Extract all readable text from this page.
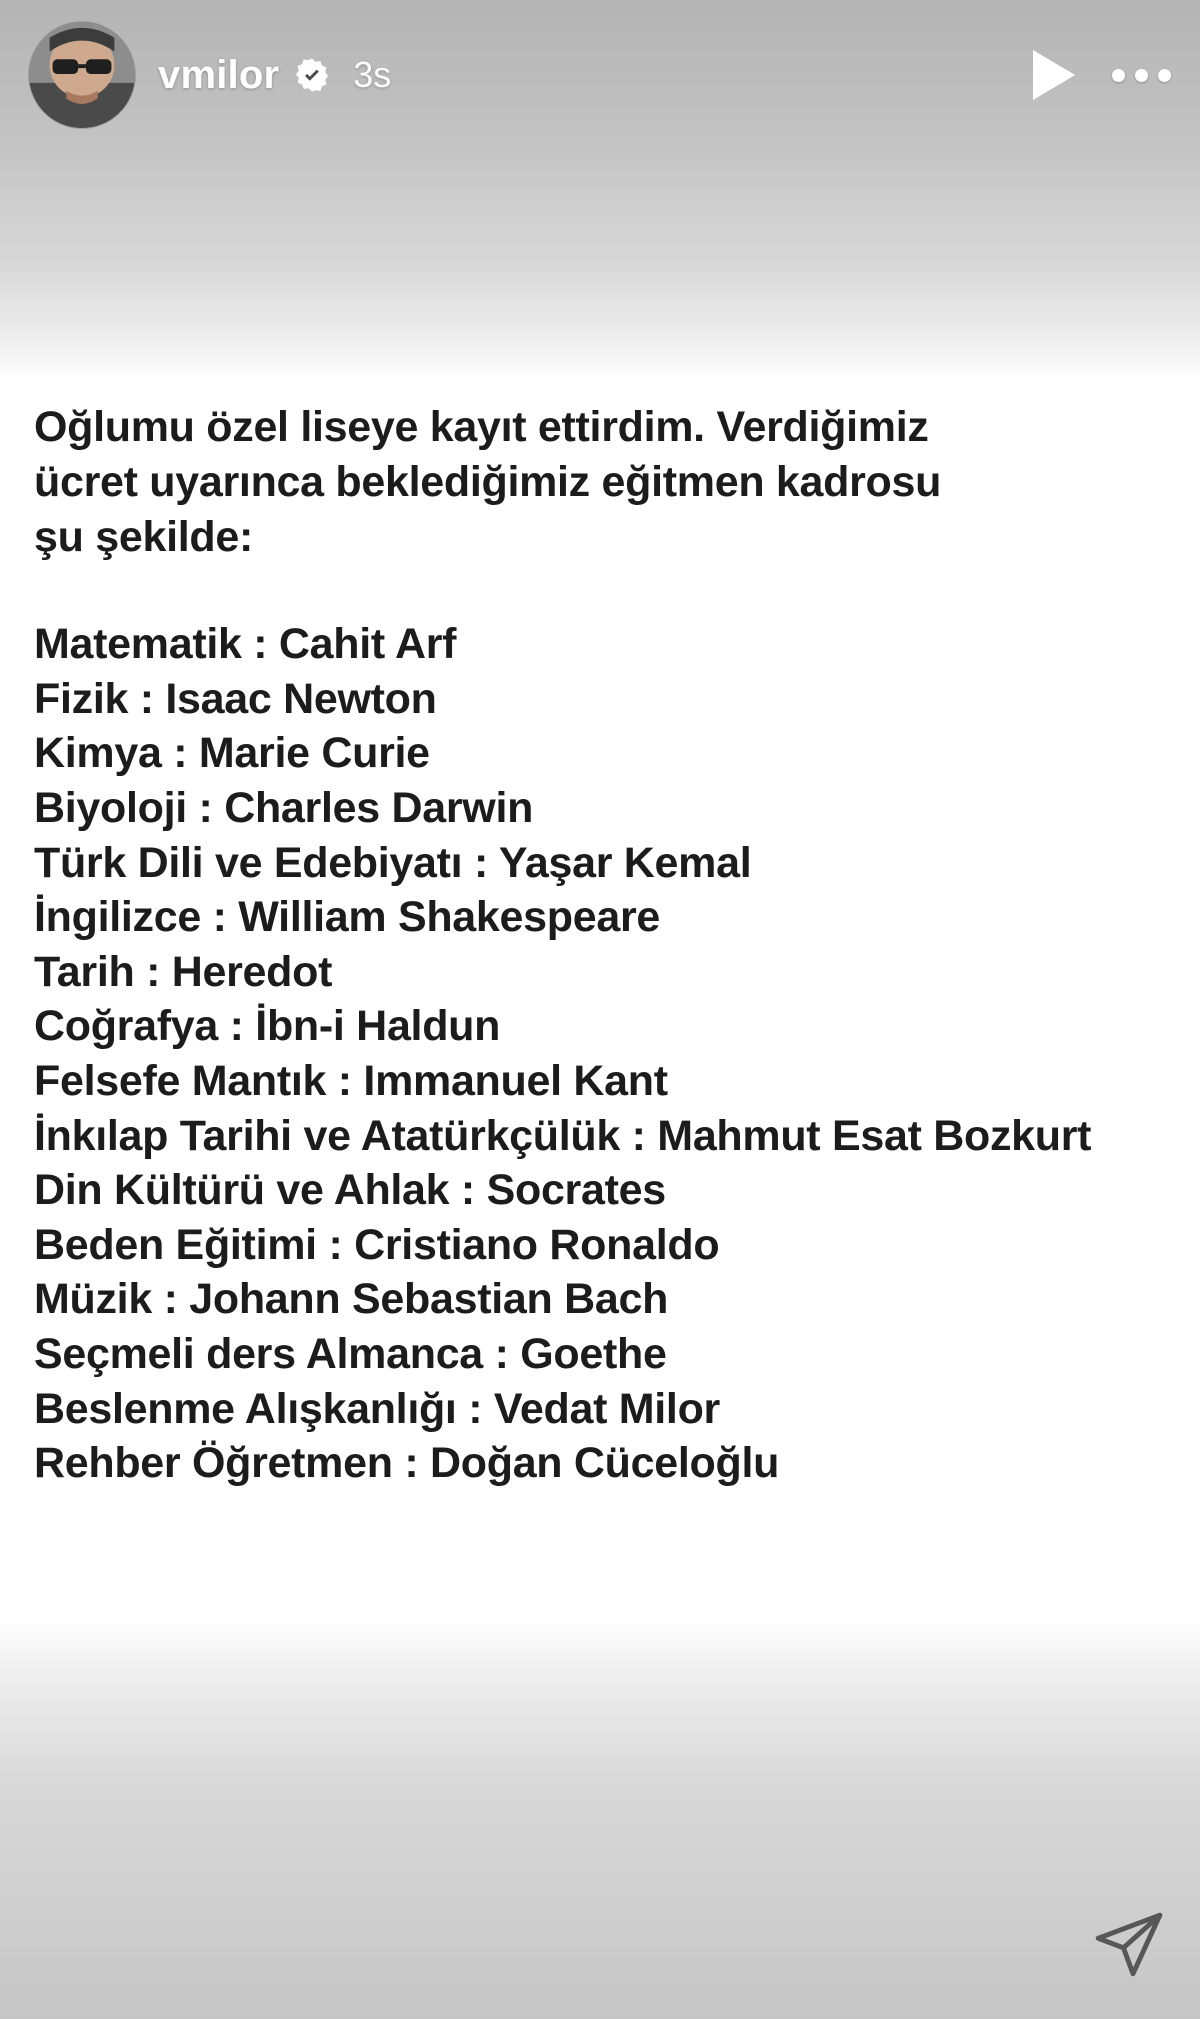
vmilor 3s

Oğlumu özel liseye kayıt ettirdim. Verdiğimiz ücret uyarınca beklediğimiz eğitmen kadrosu şu şekilde:

Matematik : Cahit Arf
Fizik : Isaac Newton
Kimya : Marie Curie
Biyoloji : Charles Darwin
Türk Dili ve Edebiyatı : Yaşar Kemal
İngilizce : William Shakespeare
Tarih : Heredot
Coğrafya : İbn-i Haldun
Felsefe Mantık : Immanuel Kant
İnkılap Tarihi ve Atatürkçülük : Mahmut Esat Bozkurt
Din Kültürü ve Ahlak : Socrates
Beden Eğitimi : Cristiano Ronaldo
Müzik : Johann Sebastian Bach
Seçmeli ders Almanca : Goethe
Beslenme Alışkanlığı : Vedat Milor
Rehber Öğretmen : Doğan Cüceloğlu
